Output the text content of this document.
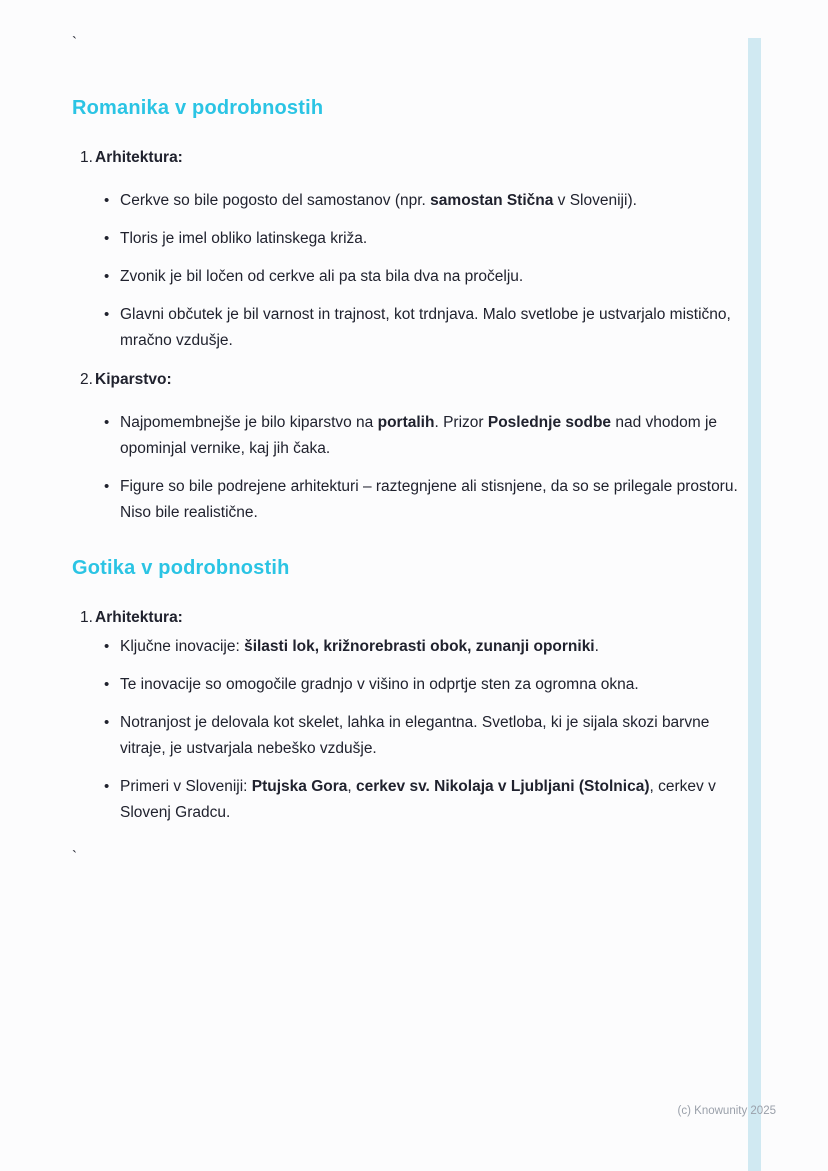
`
Romanika v podrobnostih
1. Arhitektura:
• Cerkve so bile pogosto del samostanov (npr. samostan Stična v Sloveniji).
• Tloris je imel obliko latinskega križa.
• Zvonik je bil ločen od cerkve ali pa sta bila dva na pročelju.
• Glavni občutek je bil varnost in trajnost, kot trdnjava. Malo svetlobe je ustvarjalo mistično, mračno vzdušje.
2. Kiparstvo:
• Najpomembnejše je bilo kiparstvo na portalih. Prizor Poslednje sodbe nad vhodom je opominjal vernike, kaj jih čaka.
• Figure so bile podrejene arhitekturi – raztegnjene ali stisnjene, da so se prilegale prostoru. Niso bile realistične.
Gotika v podrobnostih
1. Arhitektura:
• Ključne inovacije: šilasti lok, križnorebrasti obok, zunanji oporniki.
• Te inovacije so omogočile gradnjo v višino in odprtje sten za ogromna okna.
• Notranjost je delovala kot skelet, lahka in elegantna. Svetloba, ki je sijala skozi barvne vitraje, je ustvarjala nebeško vzdušje.
• Primeri v Sloveniji: Ptujska Gora, cerkev sv. Nikolaja v Ljubljani (Stolnica), cerkev v Slovenj Gradcu.
`
(c) Knowunity 2025
